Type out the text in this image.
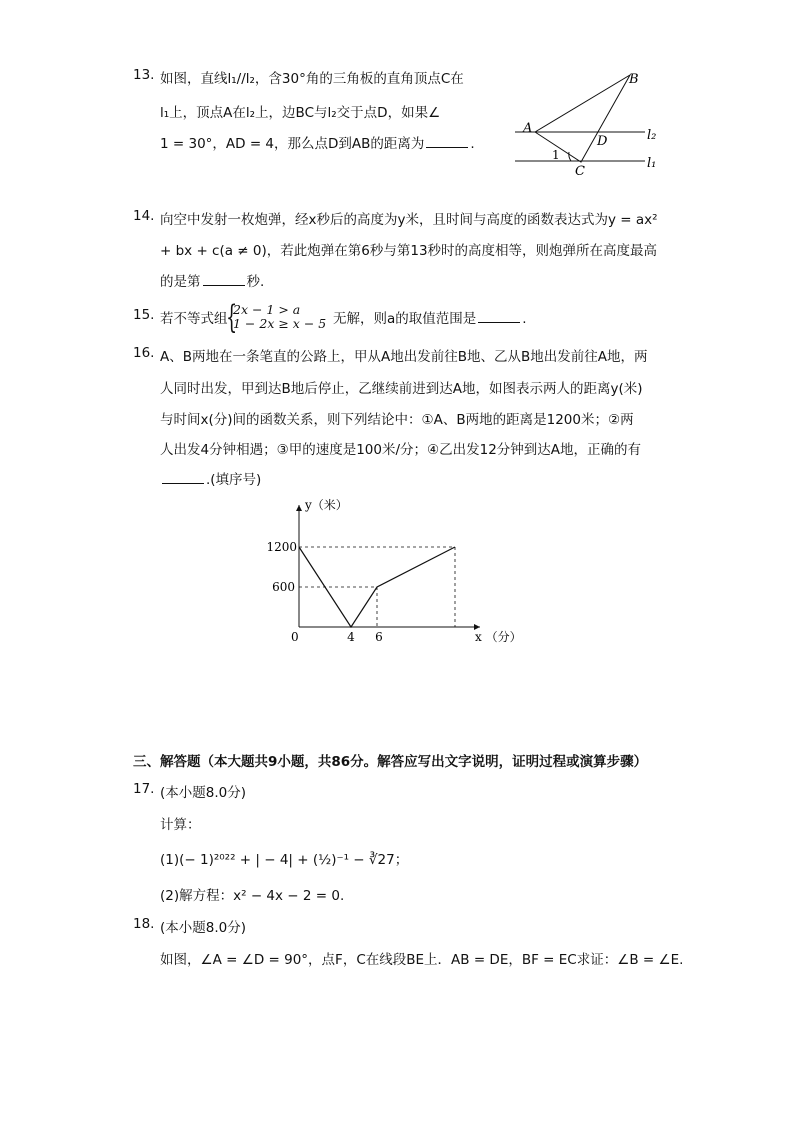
13. 如图，直线l₁//l₂，含30°角的三角板的直角顶点C在
l₁上，顶点A在l₂上，边BC与l₂交于点D，如果∠
1 = 30°，AD = 4，那么点D到AB的距离为	.
B
A
D
C
1
l₂
l₁
14. 向空中发射一枚炮弹，经x秒后的高度为y米，且时间与高度的函数表达式为y = ax²
+ bx + c(a ≠ 0)，若此炮弹在第6秒与第13秒时的高度相等，则炮弹所在高度最高
的是第	秒.
15. 若不等式组
{
2x − 1 > a
1 − 2x ≥ x − 5 无解，则a的取值范围是	.
16. A、B两地在一条笔直的公路上，甲从A地出发前往B地、乙从B地出发前往A地，两
人同时出发，甲到达B地后停止，乙继续前进到达A地，如图表示两人的距离y(米)
与时间x(分)间的函数关系，则下列结论中：①A、B两地的距离是1200米；②两
人出发4分钟相遇；③甲的速度是100米/分；④乙出发12分钟到达A地，正确的有
.(填序号)
y（米）
x （分）
0	4 6
1200
600
三、解答题（本大题共9小题，共86分。解答应写出文字说明，证明过程或演算步骤）
17. (本小题8.0分)
计算：
(1)(− 1)²⁰²² + | − 4| + (½)⁻¹ − ∛27；
(2)解方程：x² − 4x − 2 = 0.
18. (本小题8.0分)
如图，∠A = ∠D = 90°，点F，C在线段BE上．AB = DE，BF = EC求证：∠B = ∠E.
